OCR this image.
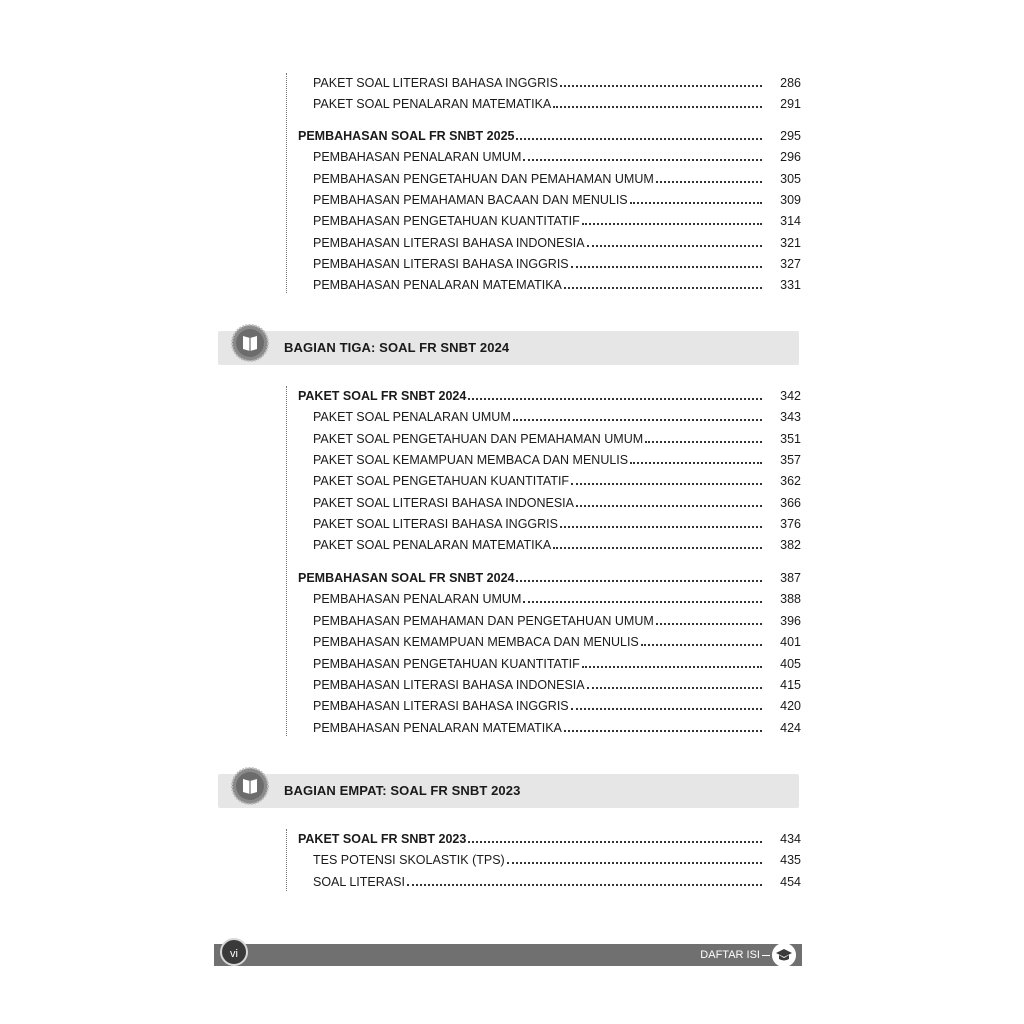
PAKET SOAL LITERASI BAHASA INGGRIS	286
PAKET SOAL PENALARAN MATEMATIKA	291
PEMBAHASAN SOAL FR SNBT 2025	295
PEMBAHASAN PENALARAN UMUM	296
PEMBAHASAN PENGETAHUAN DAN PEMAHAMAN UMUM	305
PEMBAHASAN PEMAHAMAN BACAAN DAN MENULIS	309
PEMBAHASAN PENGETAHUAN KUANTITATIF	314
PEMBAHASAN LITERASI BAHASA INDONESIA	321
PEMBAHASAN LITERASI BAHASA INGGRIS	327
PEMBAHASAN PENALARAN MATEMATIKA	331
BAGIAN TIGA: SOAL FR SNBT 2024
PAKET SOAL FR SNBT 2024	342
PAKET SOAL PENALARAN UMUM	343
PAKET SOAL PENGETAHUAN DAN PEMAHAMAN UMUM	351
PAKET SOAL KEMAMPUAN MEMBACA DAN MENULIS	357
PAKET SOAL PENGETAHUAN KUANTITATIF	362
PAKET SOAL LITERASI BAHASA INDONESIA	366
PAKET SOAL LITERASI BAHASA INGGRIS	376
PAKET SOAL PENALARAN MATEMATIKA	382
PEMBAHASAN SOAL FR SNBT 2024	387
PEMBAHASAN PENALARAN UMUM	388
PEMBAHASAN PEMAHAMAN DAN PENGETAHUAN UMUM	396
PEMBAHASAN KEMAMPUAN MEMBACA DAN MENULIS	401
PEMBAHASAN PENGETAHUAN KUANTITATIF	405
PEMBAHASAN LITERASI BAHASA INDONESIA	415
PEMBAHASAN LITERASI BAHASA INGGRIS	420
PEMBAHASAN PENALARAN MATEMATIKA	424
BAGIAN EMPAT: SOAL FR SNBT 2023
PAKET SOAL FR SNBT 2023	434
TES POTENSI SKOLASTIK (TPS)	435
SOAL LITERASI	454
vi	DAFTAR ISI
